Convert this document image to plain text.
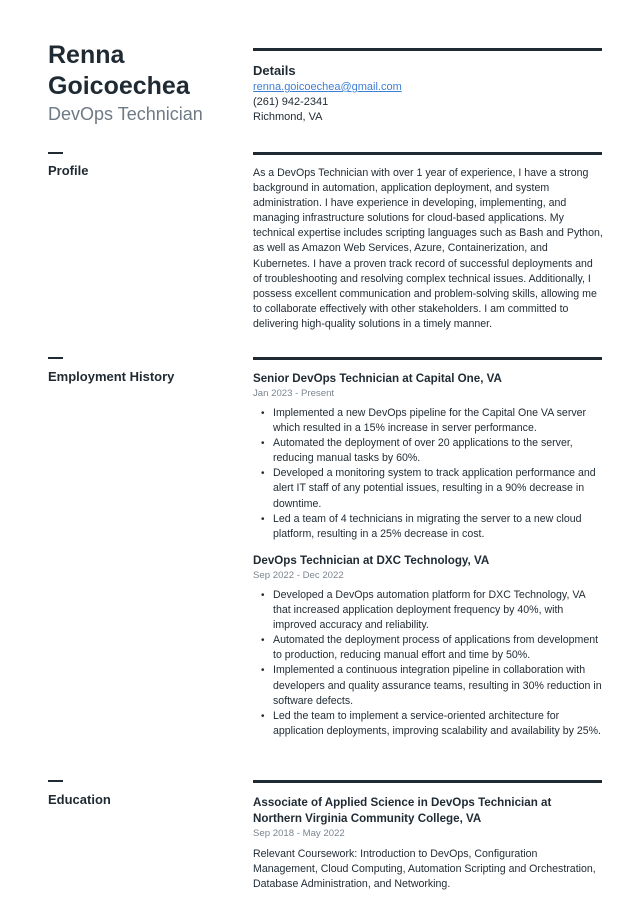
Renna Goicoechea
DevOps Technician
Details
renna.goicoechea@gmail.com
(261) 942-2341
Richmond, VA
Profile	As a DevOps Technician with over 1 year of experience, I have a strong background in automation, application deployment, and system administration. I have experience in developing, implementing, and managing infrastructure solutions for cloud-based applications. My technical expertise includes scripting languages such as Bash and Python, as well as Amazon Web Services, Azure, Containerization, and Kubernetes. I have a proven track record of successful deployments and of troubleshooting and resolving complex technical issues. Additionally, I possess excellent communication and problem-solving skills, allowing me to collaborate effectively with other stakeholders. I am committed to delivering high-quality solutions in a timely manner.
Employment History	Senior DevOps Technician at Capital One, VA
Jan 2023 - Present
• Implemented a new DevOps pipeline for the Capital One VA server which resulted in a 15% increase in server performance.
• Automated the deployment of over 20 applications to the server, reducing manual tasks by 60%.
• Developed a monitoring system to track application performance and alert IT staff of any potential issues, resulting in a 90% decrease in downtime.
• Led a team of 4 technicians in migrating the server to a new cloud platform, resulting in a 25% decrease in cost.
DevOps Technician at DXC Technology, VA
Sep 2022 - Dec 2022
• Developed a DevOps automation platform for DXC Technology, VA that increased application deployment frequency by 40%, with improved accuracy and reliability.
• Automated the deployment process of applications from development to production, reducing manual effort and time by 50%.
• Implemented a continuous integration pipeline in collaboration with developers and quality assurance teams, resulting in 30% reduction in software defects.
• Led the team to implement a service-oriented architecture for application deployments, improving scalability and availability by 25%.
Education	Associate of Applied Science in DevOps Technician at Northern Virginia Community College, VA
Sep 2018 - May 2022
Relevant Coursework: Introduction to DevOps, Configuration Management, Cloud Computing, Automation Scripting and Orchestration, Database Administration, and Networking.
